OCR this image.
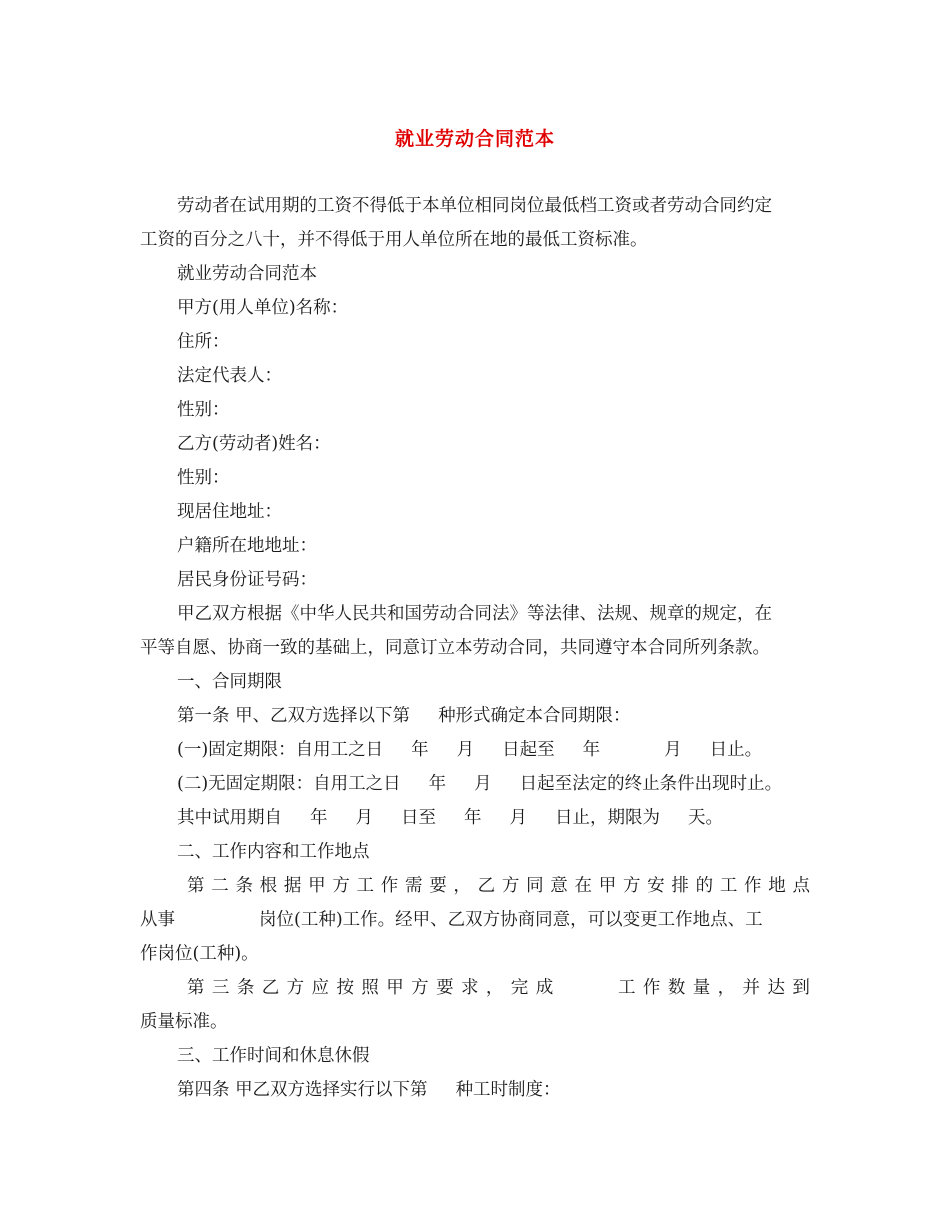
就业劳动合同范本
劳动者在试用期的工资不得低于本单位相同岗位最低档工资或者劳动合同约定
工资的百分之八十，并不得低于用人单位所在地的最低工资标准。
就业劳动合同范本
甲方(用人单位)名称：
住所：
法定代表人：
性别：
乙方(劳动者)姓名：
性别：
现居住地址：
户籍所在地地址：
居民身份证号码：
甲乙双方根据《中华人民共和国劳动合同法》等法律、法规、规章的规定，在
平等自愿、协商一致的基础上，同意订立本劳动合同，共同遵守本合同所列条款。
一、合同期限
第一条 甲、乙双方选择以下第 种形式确定本合同期限：
(一)固定期限：自用工之日 年 月 日起至 年	月 日止。
(二)无固定期限：自用工之日 年 月 日起至法定的终止条件出现时止。
其中试用期自 年 月 日至 年 月 日止，期限为 天。
二、工作内容和工作地点
第 二 条 根 据 甲 方 工 作 需 要 ， 乙 方 同 意 在 甲 方 安 排 的 工 作 地 点
从事	岗位(工种)工作。经甲、乙双方协商同意，可以变更工作地点、工
作岗位(工种)。
第 三 条 乙 方 应 按 照 甲 方 要 求 ， 完 成	工 作 数 量 ， 并 达 到
质量标准。
三、工作时间和休息休假
第四条 甲乙双方选择实行以下第 种工时制度：
